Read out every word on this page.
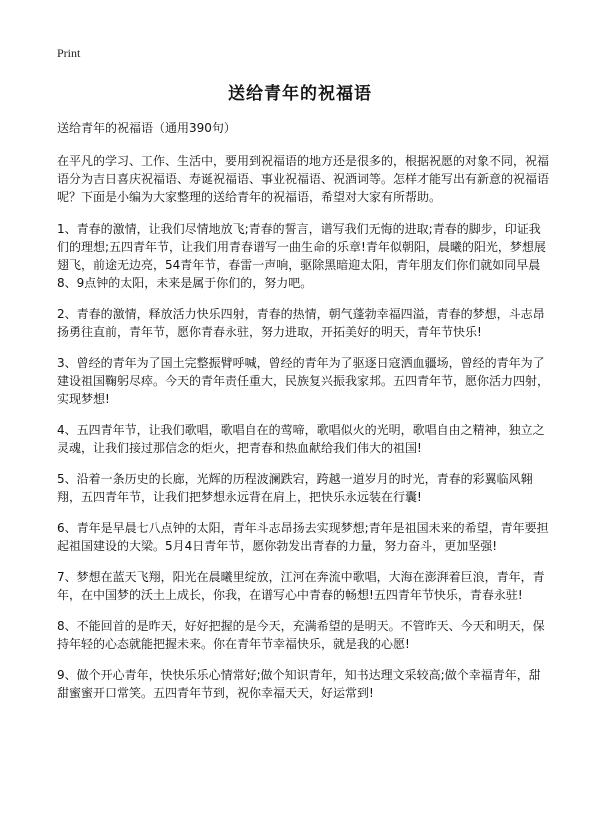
Print
送给青年的祝福语

送给青年的祝福语（通用390句）

在平凡的学习、工作、生活中，要用到祝福语的地方还是很多的，根据祝愿的对象不同，祝福语分为吉日喜庆祝福语、寿诞祝福语、事业祝福语、祝酒词等。怎样才能写出有新意的祝福语呢？下面是小编为大家整理的送给青年的祝福语，希望对大家有所帮助。

1、青春的激情，让我们尽情地放飞;青春的誓言，谱写我们无悔的进取;青春的脚步，印证我们的理想;五四青年节，让我们用青春谱写一曲生命的乐章!青年似朝阳，晨曦的阳光，梦想展翅飞，前途无边亮，54青年节，春雷一声响，驱除黑暗迎太阳，青年朋友们你们就如同早晨8、9点钟的太阳，未来是属于你们的，努力吧。

2、青春的激情，释放活力快乐四射，青春的热情，朝气蓬勃幸福四溢，青春的梦想，斗志昂扬勇往直前，青年节，愿你青春永驻，努力进取，开拓美好的明天，青年节快乐!

3、曾经的青年为了国土完整振臂呼喊，曾经的青年为了驱逐日寇洒血疆场，曾经的青年为了建设祖国鞠躬尽瘁。今天的青年责任重大，民族复兴振我家邦。五四青年节，愿你活力四射，实现梦想!

4、五四青年节，让我们歌唱，歌唱自在的莺啼，歌唱似火的光明，歌唱自由之精神，独立之灵魂，让我们接过那信念的炬火，把青春和热血献给我们伟大的祖国!

5、沿着一条历史的长廊，光辉的历程波澜跌宕，跨越一道岁月的时光，青春的彩翼临风翱翔，五四青年节，让我们把梦想永远背在肩上，把快乐永远装在行囊!

6、青年是早晨七八点钟的太阳，青年斗志昂扬去实现梦想;青年是祖国未来的希望，青年要担起祖国建设的大梁。5月4日青年节，愿你勃发出青春的力量，努力奋斗，更加坚强!

7、梦想在蓝天飞翔，阳光在晨曦里绽放，江河在奔流中歌唱，大海在澎湃着巨浪，青年，青年，在中国梦的沃土上成长，你我，在谱写心中青春的畅想!五四青年节快乐，青春永驻!

8、不能回首的是昨天，好好把握的是今天，充满希望的是明天。不管昨天、今天和明天，保持年轻的心态就能把握未来。你在青年节幸福快乐，就是我的心愿!

9、做个开心青年，快快乐乐心情常好;做个知识青年，知书达理文采较高;做个幸福青年，甜甜蜜蜜开口常笑。五四青年节到，祝你幸福天天，好运常到!
